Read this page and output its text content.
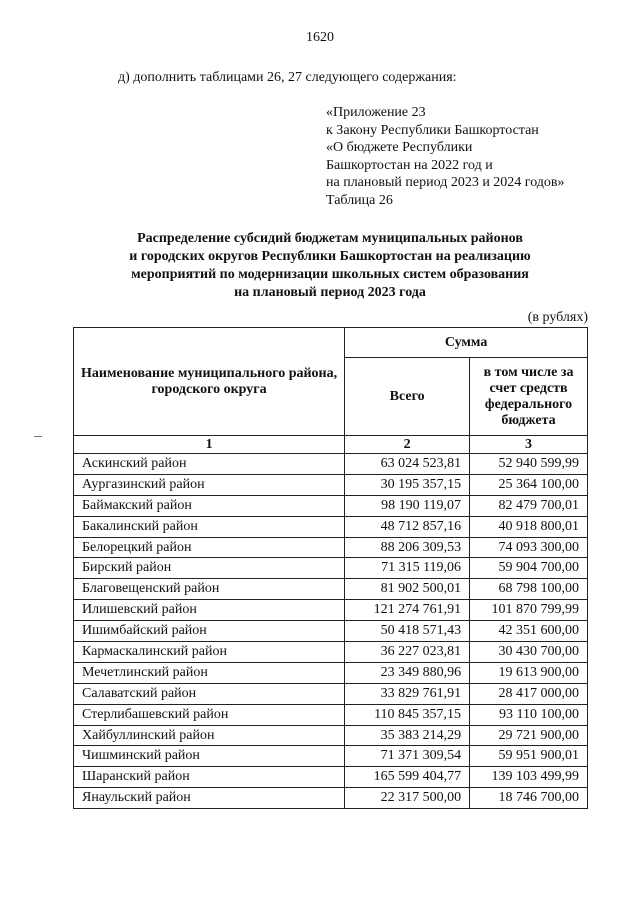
1620
д) дополнить таблицами 26, 27 следующего содержания:
«Приложение 23
к Закону Республики Башкортостан
«О бюджете Республики
Башкортостан на 2022 год и
на плановый период 2023 и 2024 годов»
Таблица 26
Распределение субсидий бюджетам муниципальных районов
и городских округов Республики Башкортостан на реализацию
мероприятий по модернизации школьных систем образования
на плановый период 2023 года
(в рублях)
Наименование муниципального района, городского округа	Сумма	
	Всего	в том числе за счет средств федерального бюджета
1	2	3
Аскинский район	63 024 523,81	52 940 599,99
Аургазинский район	30 195 357,15	25 364 100,00
Баймакский район	98 190 119,07	82 479 700,01
Бакалинский район	48 712 857,16	40 918 800,01
Белорецкий район	88 206 309,53	74 093 300,00
Бирский район	71 315 119,06	59 904 700,00
Благовещенский район	81 902 500,01	68 798 100,00
Илишевский район	121 274 761,91	101 870 799,99
Ишимбайский район	50 418 571,43	42 351 600,00
Кармаскалинский район	36 227 023,81	30 430 700,00
Мечетлинский район	23 349 880,96	19 613 900,00
Салаватский район	33 829 761,91	28 417 000,00
Стерлибашевский район	110 845 357,15	93 110 100,00
Хайбуллинский район	35 383 214,29	29 721 900,00
Чишминский район	71 371 309,54	59 951 900,01
Шаранский район	165 599 404,77	139 103 499,99
Янаульский район	22 317 500,00	18 746 700,00
